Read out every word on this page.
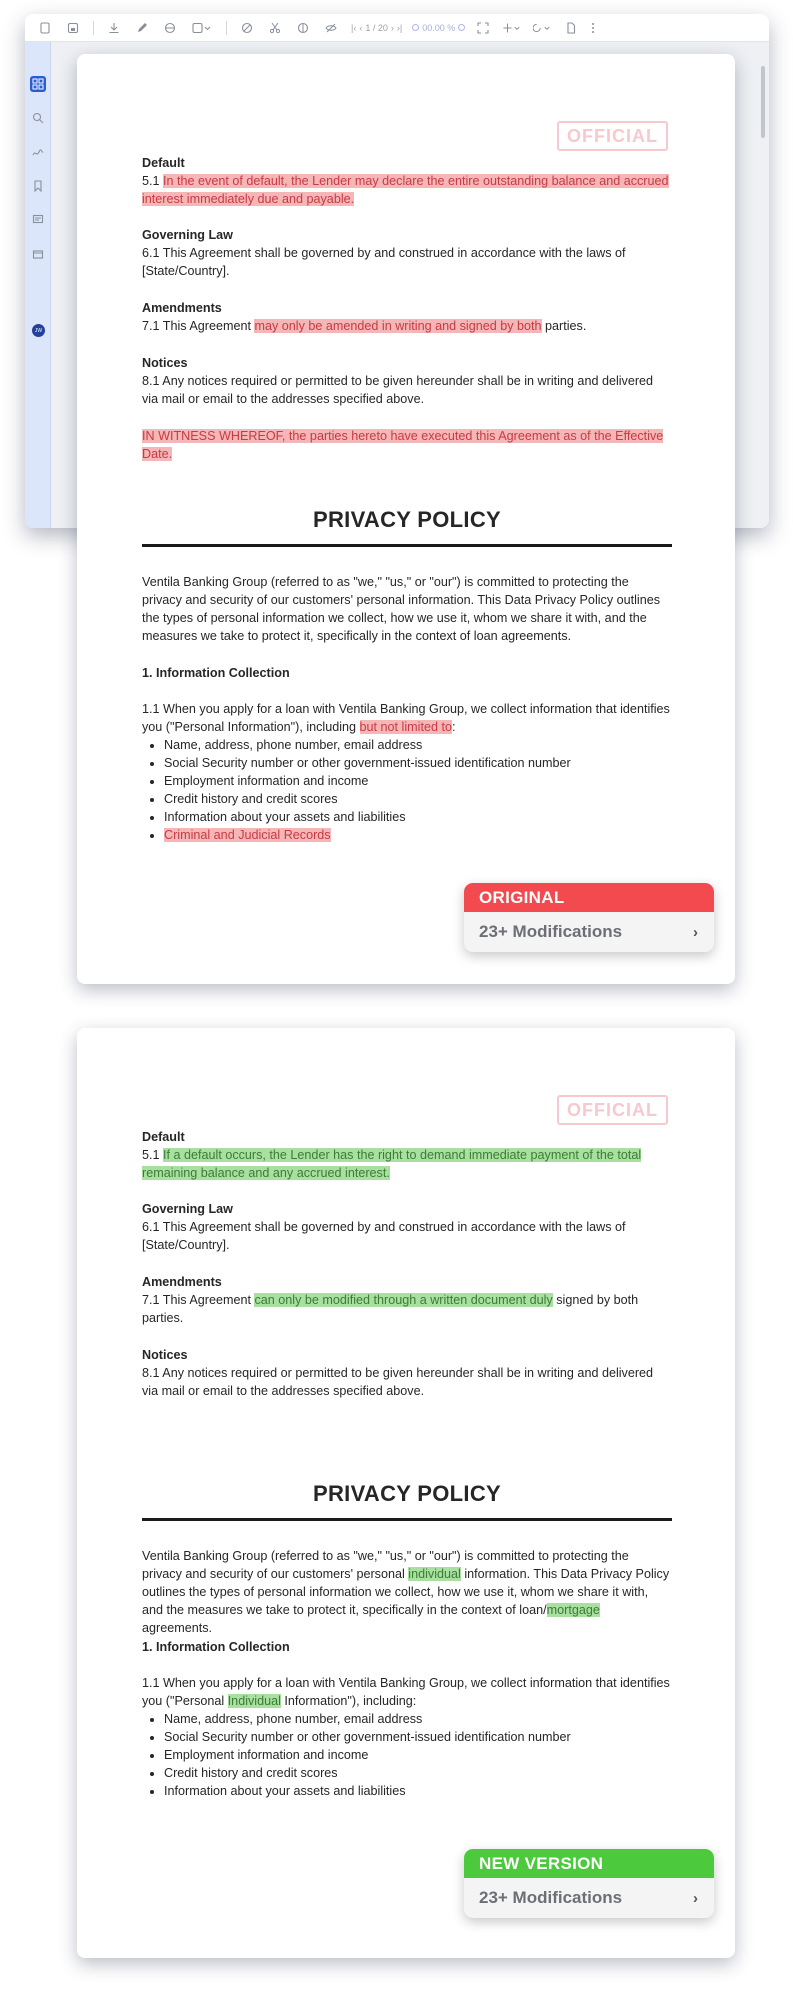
|‹ ‹ 1 / 20 › ›| 00.00 %
JW
OFFICIAL
Default

5.1 In the event of default, the Lender may declare the entire outstanding balance and accrued interest immediately due and payable.

Governing Law

6.1 This Agreement shall be governed by and construed in accordance with the laws of [State/Country].

Amendments

7.1 This Agreement may only be amended in writing and signed by both parties.

Notices

8.1 Any notices required or permitted to be given hereunder shall be in writing and delivered via mail or email to the addresses specified above.

IN WITNESS WHEREOF, the parties hereto have executed this Agreement as of the Effective Date.

PRIVACY POLICY

Ventila Banking Group (referred to as "we," "us," or "our") is committed to protecting the privacy and security of our customers' personal information. This Data Privacy Policy outlines the types of personal information we collect, how we use it, whom we share it with, and the measures we take to protect it, specifically in the context of loan agreements.

1. Information Collection

1.1 When you apply for a loan with Ventila Banking Group, we collect information that identifies you ("Personal Information"), including but not limited to:

• Name, address, phone number, email address
• Social Security number or other government-issued identification number
• Employment information and income
• Credit history and credit scores
• Information about your assets and liabilities
• Criminal and Judicial Records
ORIGINAL
23+ Modifications	›
OFFICIAL
Default

5.1 If a default occurs, the Lender has the right to demand immediate payment of the total remaining balance and any accrued interest.

Governing Law

6.1 This Agreement shall be governed by and construed in accordance with the laws of [State/Country].

Amendments

7.1 This Agreement can only be modified through a written document duly signed by both parties.

Notices

8.1 Any notices required or permitted to be given hereunder shall be in writing and delivered via mail or email to the addresses specified above.

PRIVACY POLICY

Ventila Banking Group (referred to as "we," "us," or "our") is committed to protecting the privacy and security of our customers' personal individual information. This Data Privacy Policy outlines the types of personal information we collect, how we use it, whom we share it with, and the measures we take to protect it, specifically in the context of loan/mortgage agreements.

1. Information Collection

1.1 When you apply for a loan with Ventila Banking Group, we collect information that identifies you ("Personal Individual Information"), including:

• Name, address, phone number, email address
• Social Security number or other government-issued identification number
• Employment information and income
• Credit history and credit scores
• Information about your assets and liabilities
NEW VERSION
23+ Modifications	›
